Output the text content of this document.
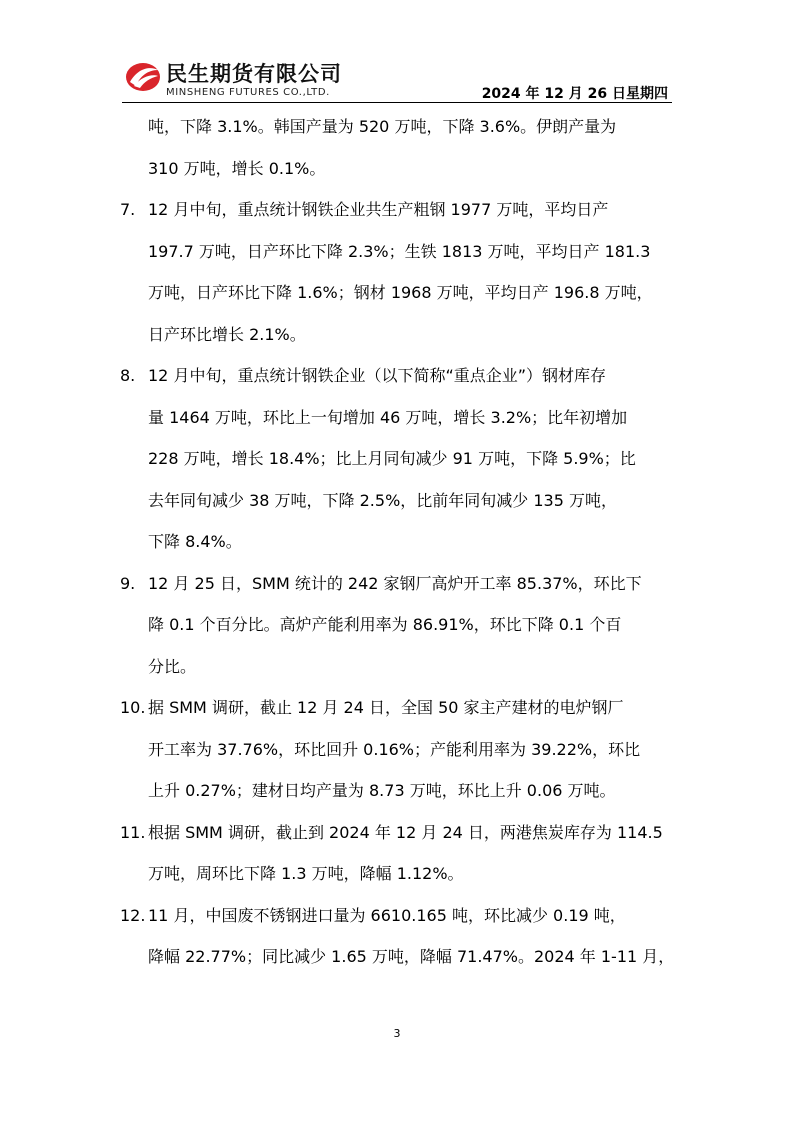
民生期货有限公司
MINSHENG FUTURES CO.,LTD.	2024 年 12 月 26 日星期四
吨，下降 3.1%。韩国产量为 520 万吨，下降 3.6%。伊朗产量为
310 万吨，增长 0.1%。
7. 12 月中旬，重点统计钢铁企业共生产粗钢 1977 万吨，平均日产
197.7 万吨，日产环比下降 2.3%；生铁 1813 万吨，平均日产 181.3
万吨，日产环比下降 1.6%；钢材 1968 万吨，平均日产 196.8 万吨，
日产环比增长 2.1%。
8. 12 月中旬，重点统计钢铁企业（以下简称“重点企业”）钢材库存
量 1464 万吨，环比上一旬增加 46 万吨，增长 3.2%；比年初增加
228 万吨，增长 18.4%；比上月同旬减少 91 万吨，下降 5.9%；比
去年同旬减少 38 万吨，下降 2.5%，比前年同旬减少 135 万吨，
下降 8.4%。
9. 12 月 25 日，SMM 统计的 242 家钢厂高炉开工率 85.37%，环比下
降 0.1 个百分比。高炉产能利用率为 86.91%，环比下降 0.1 个百
分比。
10. 据 SMM 调研，截止 12 月 24 日，全国 50 家主产建材的电炉钢厂
开工率为 37.76%，环比回升 0.16%；产能利用率为 39.22%，环比
上升 0.27%；建材日均产量为 8.73 万吨，环比上升 0.06 万吨。
11. 根据 SMM 调研，截止到 2024 年 12 月 24 日，两港焦炭库存为 114.5
万吨，周环比下降 1.3 万吨，降幅 1.12%。
12. 11 月，中国废不锈钢进口量为 6610.165 吨，环比减少 0.19 吨，
降幅 22.77%；同比减少 1.65 万吨，降幅 71.47%。2024 年 1-11 月，
3
